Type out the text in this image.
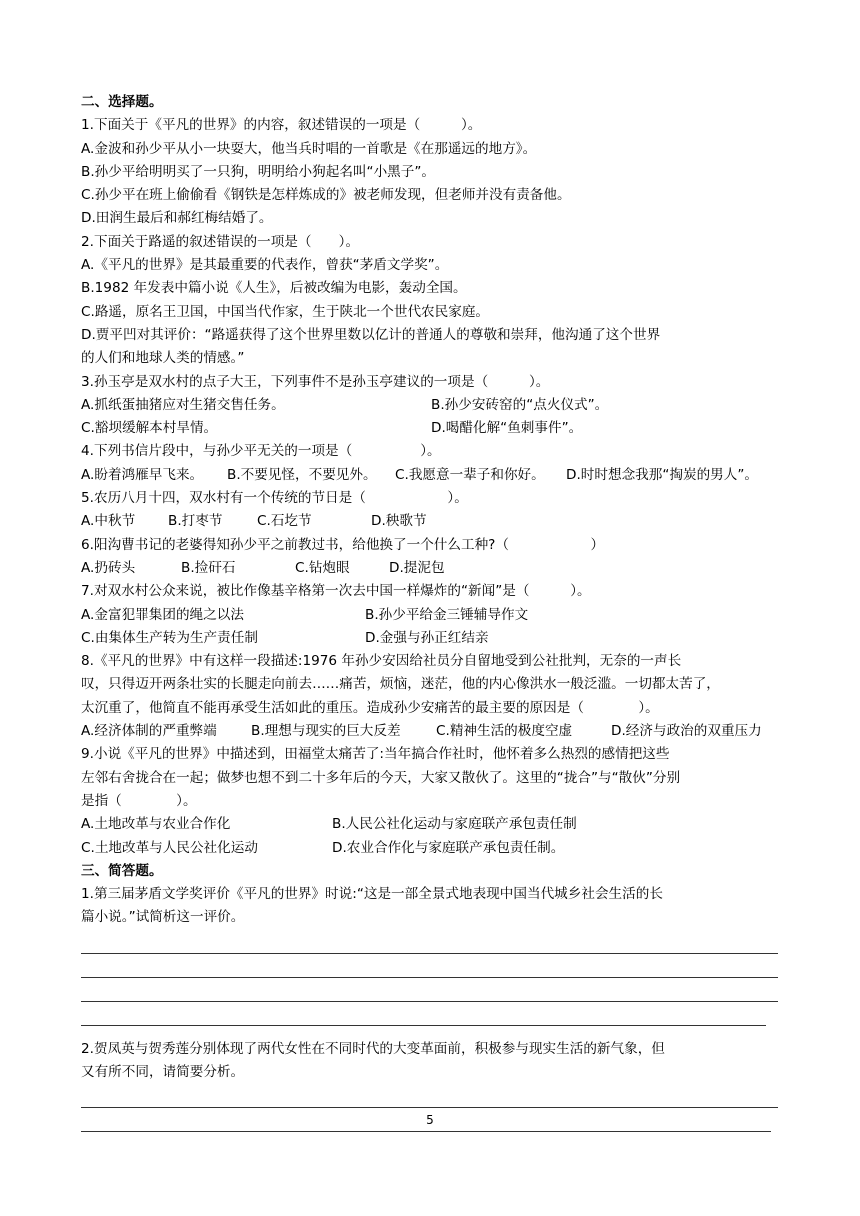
二、选择题。
1.下面关于《平凡的世界》的内容，叙述错误的一项是（　　　）。
A.金波和孙少平从小一块耍大，他当兵时唱的一首歌是《在那遥远的地方》。
B.孙少平给明明买了一只狗，明明给小狗起名叫“小黑子”。
C.孙少平在班上偷偷看《钢铁是怎样炼成的》被老师发现，但老师并没有责备他。
D.田润生最后和郝红梅结婚了。
2.下面关于路遥的叙述错误的一项是（　　）。
A.《平凡的世界》是其最重要的代表作，曾获“茅盾文学奖”。
B.1982 年发表中篇小说《人生》，后被改编为电影，轰动全国。
C.路遥，原名王卫国，中国当代作家，生于陕北一个世代农民家庭。
D.贾平凹对其评价：“路遥获得了这个世界里数以亿计的普通人的尊敬和崇拜，他沟通了这个世界
的人们和地球人类的情感。”
3.孙玉亭是双水村的点子大王，下列事件不是孙玉亭建议的一项是（　　　）。
A.抓纸蛋抽猪应对生猪交售任务。	B.孙少安砖窑的“点火仪式”。
C.豁坝缓解本村旱情。	D.喝醋化解“鱼刺事件”。
4.下列书信片段中，与孙少平无关的一项是（　　　　　）。
A.盼着鸿雁早飞来。	B.不要见怪，不要见外。	C.我愿意一辈子和你好。	D.时时想念我那“掏炭的男人”。
5.农历八月十四，双水村有一个传统的节日是（　　　　　　）。
A.中秋节	B.打枣节	C.石圪节	D.秧歌节
6.阳沟曹书记的老婆得知孙少平之前教过书，给他换了一个什么工种?（　　　　　　）
A.扔砖头	B.捡矸石	C.钻炮眼	D.提泥包
7.对双水村公众来说，被比作像基辛格第一次去中国一样爆炸的“新闻”是（　　　）。
A.金富犯罪集团的绳之以法	B.孙少平给金三锤辅导作文
C.由集体生产转为生产责任制	D.金强与孙正红结亲
8.《平凡的世界》中有这样一段描述:1976 年孙少安因给社员分自留地受到公社批判，无奈的一声长
叹，只得迈开两条壮实的长腿走向前去……痛苦，烦恼，迷茫，他的内心像洪水一般泛滥。一切都太苦了，
太沉重了，他简直不能再承受生活如此的重压。造成孙少安痛苦的最主要的原因是（　　　　）。
A.经济体制的严重弊端	B.理想与现实的巨大反差	C.精神生活的极度空虚	D.经济与政治的双重压力
9.小说《平凡的世界》中描述到，田福堂太痛苦了:当年搞合作社时，他怀着多么热烈的感情把这些
左邻右舍拢合在一起；做梦也想不到二十多年后的今天，大家又散伙了。这里的“拢合”与“散伙”分别
是指（　　　　）。
A.土地改革与农业合作化	B.人民公社化运动与家庭联产承包责任制
C.土地改革与人民公社化运动	D.农业合作化与家庭联产承包责任制。
三、简答题。
1.第三届茅盾文学奖评价《平凡的世界》时说:“这是一部全景式地表现中国当代城乡社会生活的长
篇小说。”试简析这一评价。
2.贺凤英与贺秀莲分别体现了两代女性在不同时代的大变革面前，积极参与现实生活的新气象，但
又有所不同，请简要分析。
5
